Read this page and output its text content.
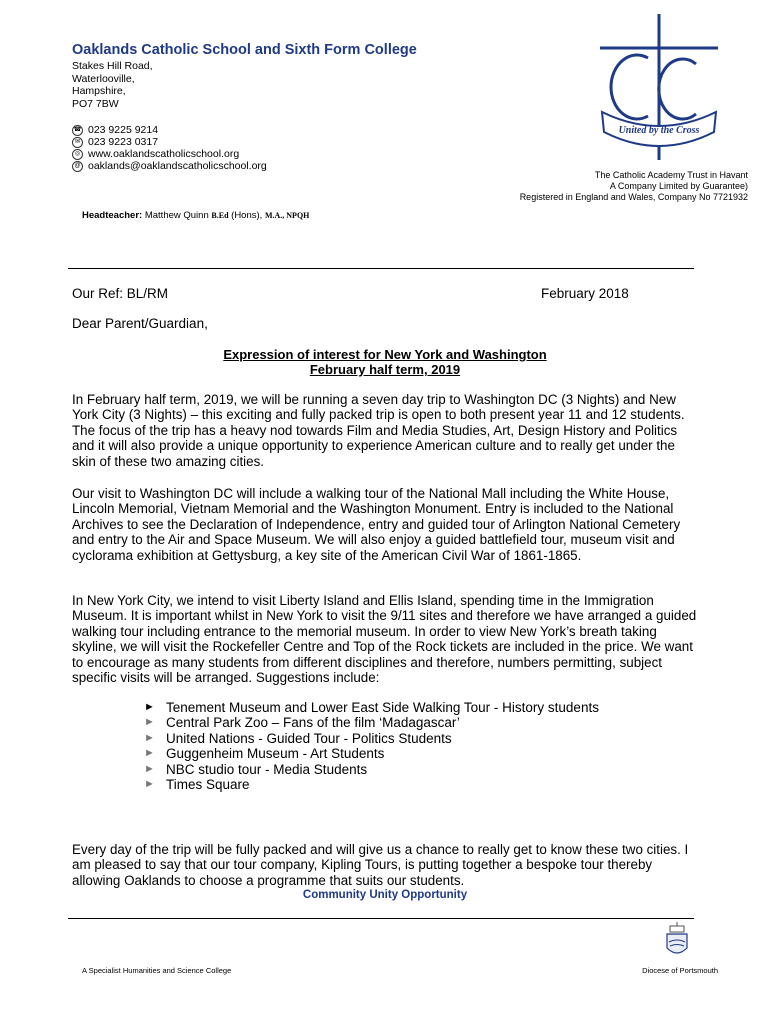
Oaklands Catholic School and Sixth Form College
Stakes Hill Road,
Waterlooville,
Hampshire,
PO7 7BW
☎ 023 9225 9214
✉ 023 9223 0317
◎ www.oaklandscatholicschool.org
@ oaklands@oaklandscatholicschool.org
United by the Cross
The Catholic Academy Trust in Havant
A Company Limited by Guarantee)
Registered in England and Wales, Company No 7721932
Headteacher: Matthew Quinn B.Ed (Hons), M.A., NPQH
Our Ref: BL/RM	February 2018
Dear Parent/Guardian,
Expression of interest for New York and Washington
February half term, 2019
In February half term, 2019, we will be running a seven day trip to Washington DC (3 Nights) and New York City (3 Nights) – this exciting and fully packed trip is open to both present year 11 and 12 students. The focus of the trip has a heavy nod towards Film and Media Studies, Art, Design History and Politics and it will also provide a unique opportunity to experience American culture and to really get under the skin of these two amazing cities.
Our visit to Washington DC will include a walking tour of the National Mall including the White House, Lincoln Memorial, Vietnam Memorial and the Washington Monument. Entry is included to the National Archives to see the Declaration of Independence, entry and guided tour of Arlington National Cemetery and entry to the Air and Space Museum. We will also enjoy a guided battlefield tour, museum visit and cyclorama exhibition at Gettysburg, a key site of the American Civil War of 1861-1865.
In New York City, we intend to visit Liberty Island and Ellis Island, spending time in the Immigration Museum. It is important whilst in New York to visit the 9/11 sites and therefore we have arranged a guided walking tour including entrance to the memorial museum. In order to view New York’s breath taking skyline, we will visit the Rockefeller Centre and Top of the Rock tickets are included in the price. We want to encourage as many students from different disciplines and therefore, numbers permitting, subject specific visits will be arranged. Suggestions include:
► Tenement Museum and Lower East Side Walking Tour - History students
► Central Park Zoo – Fans of the film ‘Madagascar’
► United Nations - Guided Tour - Politics Students
► Guggenheim Museum - Art Students
► NBC studio tour - Media Students
► Times Square
Every day of the trip will be fully packed and will give us a chance to really get to know these two cities. I am pleased to say that our tour company, Kipling Tours, is putting together a bespoke tour thereby allowing Oaklands to choose a programme that suits our students.
Community Unity Opportunity
A Specialist Humanities and Science College	Diocese of Portsmouth
